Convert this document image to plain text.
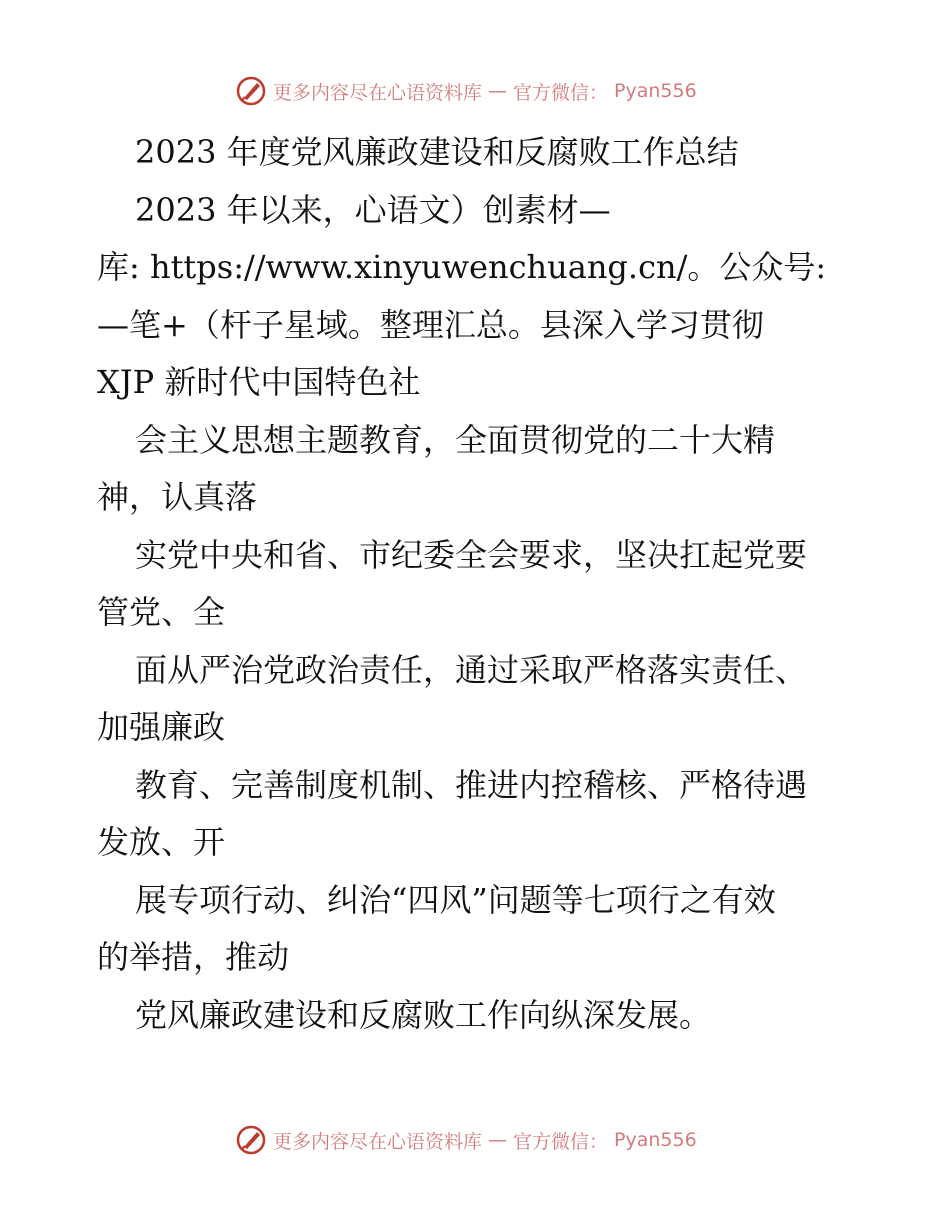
更多内容尽在心语资料库 — 官方微信： Pyan556
2023 年度党风廉政建设和反腐败工作总结
2023 年以来，心语文）创素材—
库: https://www.xinyuwenchuang.cn/。公众号:
—笔+（杆子星域。整理汇总。县深入学习贯彻
XJP 新时代中国特色社
会主义思想主题教育，全面贯彻党的二十大精
神，认真落
实党中央和省、市纪委全会要求，坚决扛起党要
管党、全
面从严治党政治责任，通过采取严格落实责任、
加强廉政
教育、完善制度机制、推进内控稽核、严格待遇
发放、开
展专项行动、纠治“四风”问题等七项行之有效
的举措，推动
党风廉政建设和反腐败工作向纵深发展。
更多内容尽在心语资料库 — 官方微信： Pyan556
